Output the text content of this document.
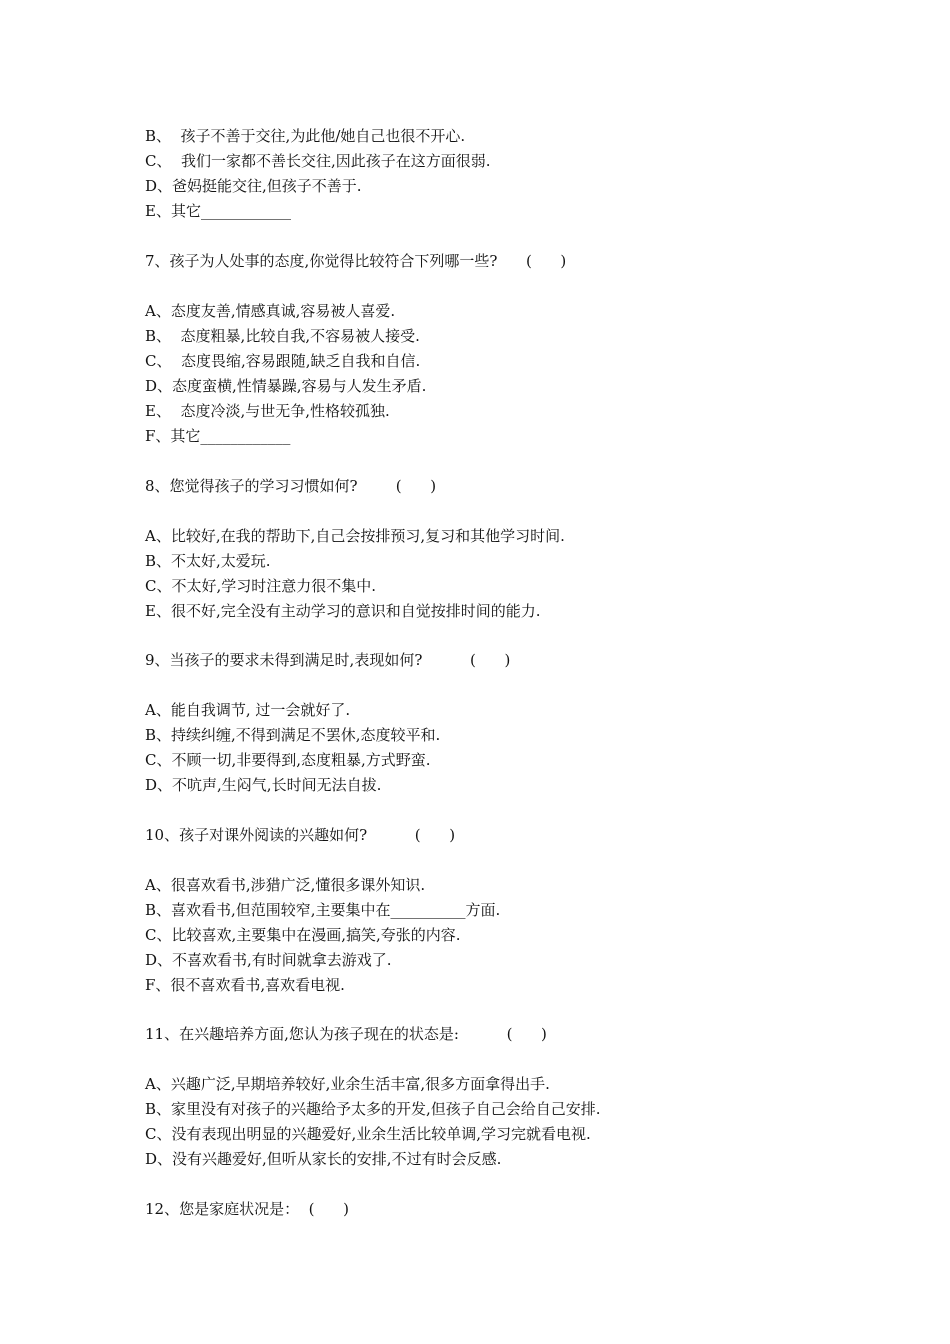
B、  孩子不善于交往,为此他/她自己也很不开心.

C、  我们一家都不善长交往,因此孩子在这方面很弱.

D、爸妈挺能交往,但孩子不善于.

E、其它____________

7、孩子为人处事的态度,你觉得比较符合下列哪一些?      (      )

A、态度友善,情感真诚,容易被人喜爱.

B、  态度粗暴,比较自我,不容易被人接受.

C、  态度畏缩,容易跟随,缺乏自我和自信.

D、态度蛮横,性情暴躁,容易与人发生矛盾.

E、  态度冷淡,与世无争,性格较孤独.

F、其它____________

8、您觉得孩子的学习习惯如何?        (      )

A、比较好,在我的帮助下,自己会按排预习,复习和其他学习时间.

B、不太好,太爱玩.

C、不太好,学习时注意力很不集中.

E、很不好,完全没有主动学习的意识和自觉按排时间的能力.

9、当孩子的要求未得到满足时,表现如何?          (      )

A、能自我调节, 过一会就好了.

B、持续纠缠,不得到满足不罢休,态度较平和.

C、不顾一切,非要得到,态度粗暴,方式野蛮.

D、不吭声,生闷气,长时间无法自拔.

10、孩子对课外阅读的兴趣如何?          (      )

A、很喜欢看书,涉猎广泛,懂很多课外知识.

B、喜欢看书,但范围较窄,主要集中在__________方面.

C、比较喜欢,主要集中在漫画,搞笑,夸张的内容.

D、不喜欢看书,有时间就拿去游戏了.

F、很不喜欢看书,喜欢看电视.

11、在兴趣培养方面,您认为孩子现在的状态是:          (      )

A、兴趣广泛,早期培养较好,业余生活丰富,很多方面拿得出手.

B、家里没有对孩子的兴趣给予太多的开发,但孩子自己会给自己安排.

C、没有表现出明显的兴趣爱好,业余生活比较单调,学习完就看电视.

D、没有兴趣爱好,但听从家长的安排,不过有时会反感.

12、您是家庭状况是：  (      )
